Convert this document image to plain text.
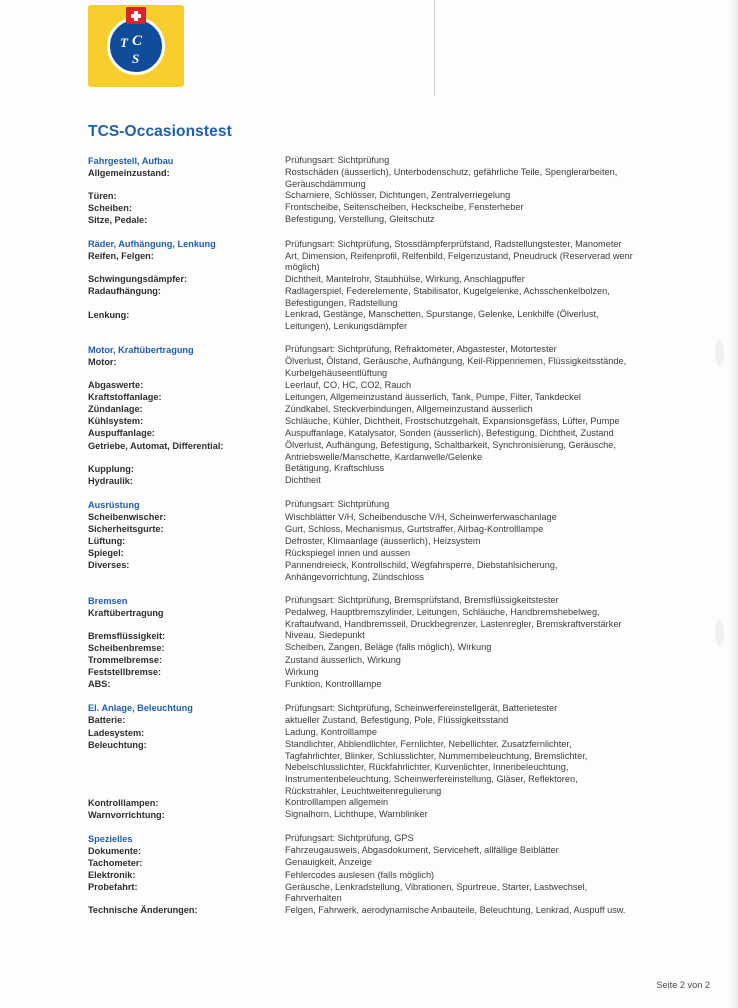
T C
S
TCS-Occasionstest
Fahrgestell, Aufbau	Prüfungsart: Sichtprüfung
Allgemeinzustand:	Rostschäden (äusserlich), Unterbodenschutz, gefährliche Teile, Spenglerarbeiten,
Geräuschdämmung
Türen:	Scharniere, Schlösser, Dichtungen, Zentralverriegelung
Scheiben:	Frontscheibe, Seitenscheiben, Heckscheibe, Fensterheber
Sitze, Pedale:	Befestigung, Verstellung, Gleitschutz
Räder, Aufhängung, Lenkung	Prüfungsart: Sichtprüfung, Stossdämpferprüfstand, Radstellungstester, Manometer
Reifen, Felgen:	Art, Dimension, Reifenprofil, Reifenbild, Felgenzustand, Pneudruck (Reserverad wenr
möglich)
Schwingungsdämpfer:	Dichtheit, Mantelrohr, Staubhülse, Wirkung, Anschlagpuffer
Radaufhängung:	Radlagerspiel, Federelemente, Stabilisator, Kugelgelenke, Achsschenkelbolzen,
Befestigungen, Radstellung
Lenkung:	Lenkrad, Gestänge, Manschetten, Spurstange, Gelenke, Lenkhilfe (Ölverlust,
Leitungen), Lenkungsdämpfer
Motor, Kraftübertragung	Prüfungsart: Sichtprüfung, Refraktometer, Abgastester, Motortester
Motor:	Ölverlust, Ölstand, Geräusche, Aufhängung, Keil-Rippenriemen, Flüssigkeitsstände,
Kurbelgehäuseentlüftung
Abgaswerte:	Leerlauf, CO, HC, CO2, Rauch
Kraftstoffanlage:	Leitungen, Allgemeinzustand äusserlich, Tank, Pumpe, Filter, Tankdeckel
Zündanlage:	Zündkabel, Steckverbindungen, Allgemeinzustand äusserlich
Kühlsystem:	Schläuche, Kühler, Dichtheit, Frostschutzgehalt, Expansionsgefäss, Lüfter, Pumpe
Auspuffanlage:	Auspuffanlage, Katalysator, Sonden (äusserlich), Befestigung, Dichtheit, Zustand
Getriebe, Automat, Differential:	Ölverlust, Aufhängung, Befestigung, Schaltbarkeit, Synchronisierung, Geräusche,
Antriebswelle/Manschette, Kardanwelle/Gelenke
Kupplung:	Betätigung, Kraftschluss
Hydraulik:	Dichtheit
Ausrüstung	Prüfungsart: Sichtprüfung
Scheibenwischer:	Wischblätter V/H, Scheibendusche V/H, Scheinwerferwaschanlage
Sicherheitsgurte:	Gurt, Schloss, Mechanismus, Gurtstraffer, Airbag-Kontrolllampe
Lüftung:	Defroster, Klimaanlage (äusserlich), Heizsystem
Spiegel:	Rückspiegel innen und aussen
Diverses:	Pannendreieck, Kontrollschild, Wegfahrsperre, Diebstahlsicherung,
Anhängevorrichtung, Zündschloss
Bremsen	Prüfungsart: Sichtprüfung, Bremsprüfstand, Bremsflüssigkeitstester
Kraftübertragung	Pedalweg, Hauptbremszylinder, Leitungen, Schläuche, Handbremshebelweg,
Kraftaufwand, Handbremsseil, Druckbegrenzer, Lastenregler, Bremskraftverstärker
Bremsflüssigkeit:	Niveau, Siedepunkt
Scheibenbremse:	Scheiben, Zangen, Beläge (falls möglich), Wirkung
Trommelbremse:	Zustand äusserlich, Wirkung
Feststellbremse:	Wirkung
ABS:	Funktion, Kontrolllampe
El. Anlage, Beleuchtung	Prüfungsart: Sichtprüfung, Scheinwerfereinstellgerät, Batterietester
Batterie:	aktueller Zustand, Befestigung, Pole, Flüssigkeitsstand
Ladesystem:	Ladung, Kontrolllampe
Beleuchtung:	Standlichter, Abblendlichter, Fernlichter, Nebellichter, Zusatzfernlichter,
Tagfahrlichter, Blinker, Schlusslichter, Nummernbeleuchtung, Bremslichter,
Nebelschlusslichter, Rückfahrlichter, Kurvenlichter, Innenbeleuchtung,
Instrumentenbeleuchtung, Scheinwerfereinstellung, Gläser, Reflektoren,
Rückstrahler, Leuchtweitenregulierung
Kontrolllampen:	Kontrolllampen allgemein
Warnvorrichtung:	Signalhorn, Lichthupe, Warnblinker
Spezielles	Prüfungsart: Sichtprüfung, GPS
Dokumente:	Fahrzeugausweis, Abgasdokument, Serviceheft, allfällige Beiblätter
Tachometer:	Genauigkeit, Anzeige
Elektronik:	Fehlercodes auslesen (falls möglich)
Probefahrt:	Geräusche, Lenkradstellung, Vibrationen, Spurtreue, Starter, Lastwechsel,
Fahrverhalten
Technische Änderungen:	Felgen, Fahrwerk, aerodynamische Anbauteile, Beleuchtung, Lenkrad, Auspuff usw.
Seite 2 von 2
